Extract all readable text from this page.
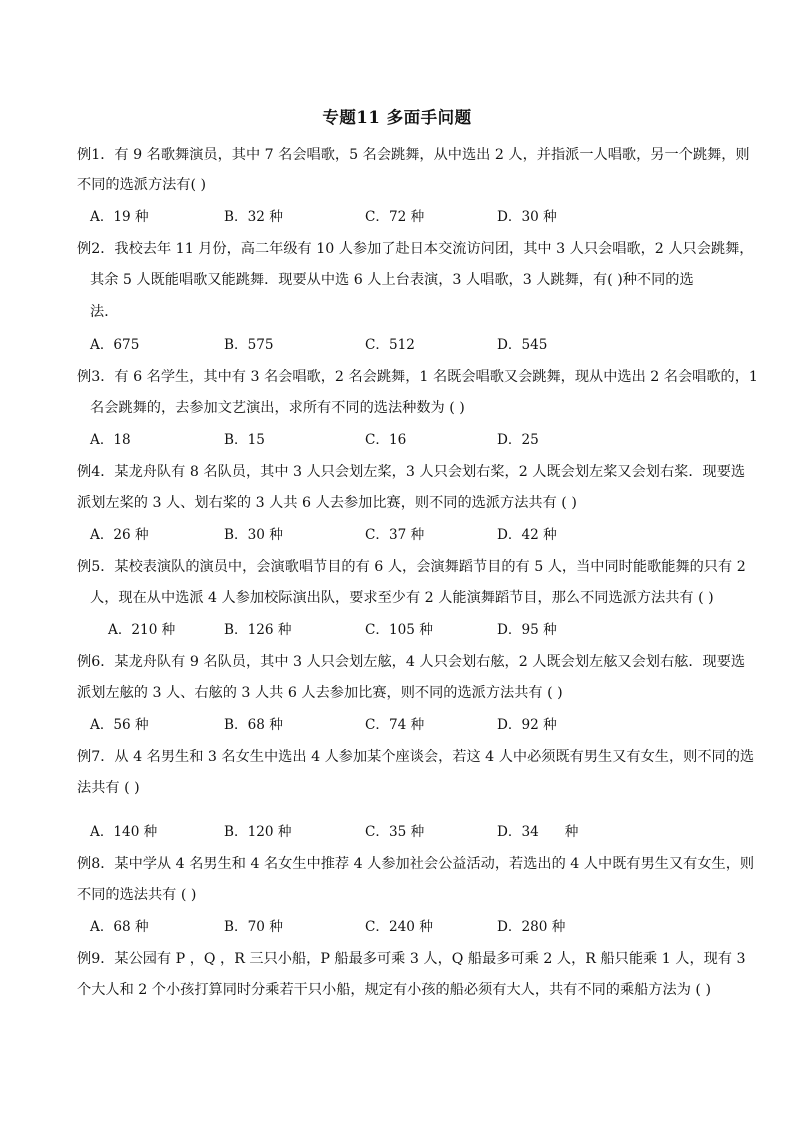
专题11 多面手问题
例1．有 9 名歌舞演员，其中 7 名会唱歌，5 名会跳舞，从中选出 2 人，并指派一人唱歌，另一个跳舞，则
不同的选派方法有( )
A．19 种	B．32 种	C．72 种	D．30 种
例2．我校去年 11 月份，高二年级有 10 人参加了赴日本交流访问团，其中 3 人只会唱歌，2 人只会跳舞，
其余 5 人既能唱歌又能跳舞．现要从中选 6 人上台表演，3 人唱歌，3 人跳舞，有( )种不同的选
法．
A．675	B．575	C．512	D．545
例3．有 6 名学生，其中有 3 名会唱歌，2 名会跳舞，1 名既会唱歌又会跳舞，现从中选出 2 名会唱歌的，1
名会跳舞的，去参加文艺演出，求所有不同的选法种数为 ( )
A．18	B．15	C．16	D．25
例4．某龙舟队有 8 名队员，其中 3 人只会划左桨，3 人只会划右桨，2 人既会划左桨又会划右桨．现要选
派划左桨的 3 人、划右桨的 3 人共 6 人去参加比赛，则不同的选派方法共有 ( )
A．26 种	B．30 种	C．37 种	D．42 种
例5．某校表演队的演员中，会演歌唱节目的有 6 人，会演舞蹈节目的有 5 人，当中同时能歌能舞的只有 2
人，现在从中选派 4 人参加校际演出队，要求至少有 2 人能演舞蹈节目，那么不同选派方法共有 ( )
A．210 种	B．126 种	C．105 种	D．95 种
例6．某龙舟队有 9 名队员，其中 3 人只会划左舷，4 人只会划右舷，2 人既会划左舷又会划右舷．现要选
派划左舷的 3 人、右舷的 3 人共 6 人去参加比赛，则不同的选派方法共有 ( )
A．56 种	B．68 种	C．74 种	D．92 种
例7．从 4 名男生和 3 名女生中选出 4 人参加某个座谈会，若这 4 人中必须既有男生又有女生，则不同的选
法共有 ( )
A．140 种	B．120 种	C．35 种	D．34      种
例8．某中学从 4 名男生和 4 名女生中推荐 4 人参加社会公益活动，若选出的 4 人中既有男生又有女生，则
不同的选法共有 ( )
A．68 种	B．70 种	C．240 种	D．280 种
例9．某公园有 P ，Q ，R 三只小船，P 船最多可乘 3 人，Q 船最多可乘 2 人，R 船只能乘 1 人，现有 3
个大人和 2 个小孩打算同时分乘若干只小船，规定有小孩的船必须有大人，共有不同的乘船方法为 ( )
